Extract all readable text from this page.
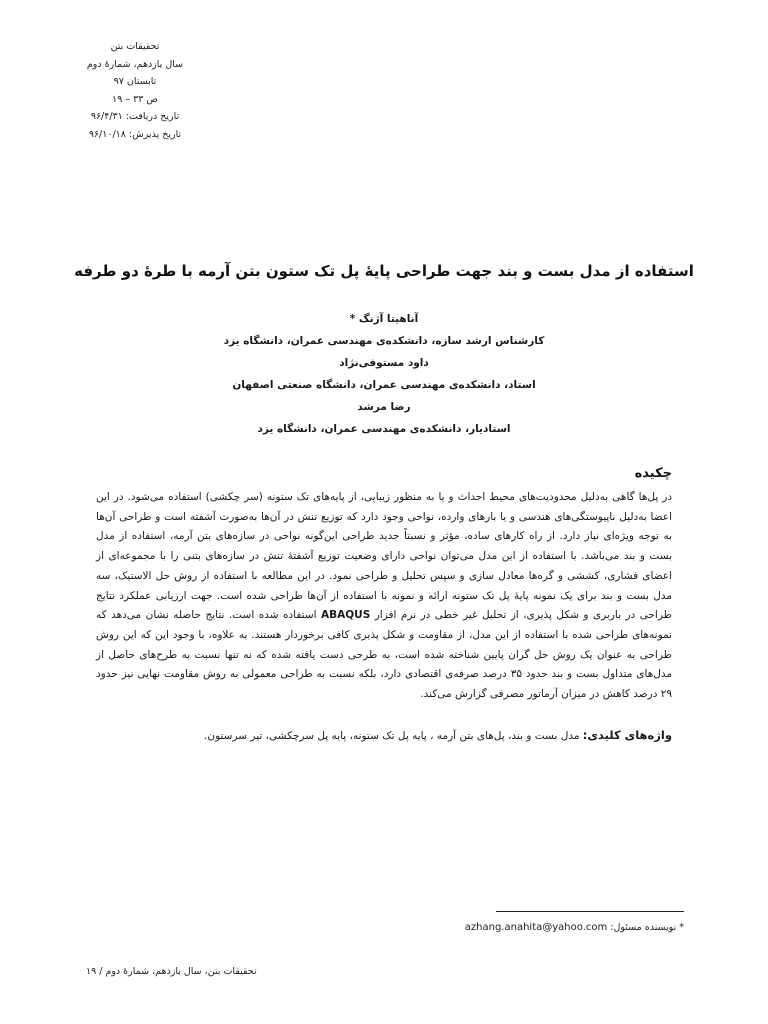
تحقیقات بتن
سال یازدهم، شمارهٔ دوم
تابستان ۹۷
ص ۳۳ – ۱۹
تاریخ دریافت: ۹۶/۴/۳۱
تاریخ پذیرش: ۹۶/۱۰/۱۸
استفاده از مدل بست و بند جهت طراحی پایهٔ پل تک ستون بتن آرمه با طرهٔ دو طرفه
آناهیتا آژنگ *
کارشناس ارشد سازه، دانشکده‌ی مهندسی عمران، دانشگاه یزد
داود مستوفی‌نژاد
استاد، دانشکده‌ی مهندسی عمران، دانشگاه صنعتی اصفهان
رضا مرشد
استادیار، دانشکده‌ی مهندسی عمران، دانشگاه یزد
چکیده
در پل‌ها گاهی به‌دلیل محدودیت‌های محیط احداث و یا به منظور زیبایی، از پایه‌های تک ستونه (سر چکشی) استفاده می‌شود. در این اعضا به‌دلیل ناپیوستگی‌های هندسی و یا بارهای وارده، نواحی وجود دارد که توزیع تنش در آن‌ها به‌صورت آشفته است و طراحی آن‌ها به توجه ویژه‌ای نیاز دارد. از راه کارهای ساده، مؤثر و نسبتاً جدید طراحی این‌گونه نواحی در سازه‌های بتن آرمه، استفاده از مدل بست و بند می‌باشد. با استفاده از این مدل می‌توان نواحی دارای وضعیت توزیع آشفتهٔ تنش در سازه‌های بتنی را با مجموعه‌ای از اعضای فشاری، کششی و گره‌ها معادل سازی و سپس تحلیل و طراحی نمود. در این مطالعه با استفاده از روش حل الاستیک، سه مدل بست و بند برای یک نمونه پایهٔ پل تک ستونه ارائه و نمونه با استفاده از آن‌ها طراحی شده است. جهت ارزیابی عملکرد نتایج طراحی در باربری و شکل پذیری، از تحلیل غیر خطی در نرم افزار ABAQUS استفاده شده است. نتایج حاصله نشان می‌دهد که نمونه‌های طراحی شده با استفاده از این مدل، از مقاومت و شکل پذیری کافی برخوردار هستند. به علاوه، با وجود این که این روش طراحی به عنوان یک روش حل گران پایین شناخته شده است، به طرحی دست یافته شده که نه تنها نسبت به طرح‌های حاصل از مدل‌های متداول بست و بند حدود ۳۵ درصد صرفه‌ی اقتصادی دارد، بلکه نسبت به طراحی معمولی به روش مقاومت نهایی نیز حدود ۲۹ درصد کاهش در میزان آرماتور مصرفی گزارش می‌کند.
واژه‌های کلیدی: مدل بست و بند، پل‌های بتن آرمه ، پایه پل تک ستونه، پایه پل سرچکشی، تیر سرستون.
* نویسنده مسئول: azhang.anahita@yahoo.com
تحقیقات بتن، سال یازدهم، شمارهٔ دوم / ۱۹
